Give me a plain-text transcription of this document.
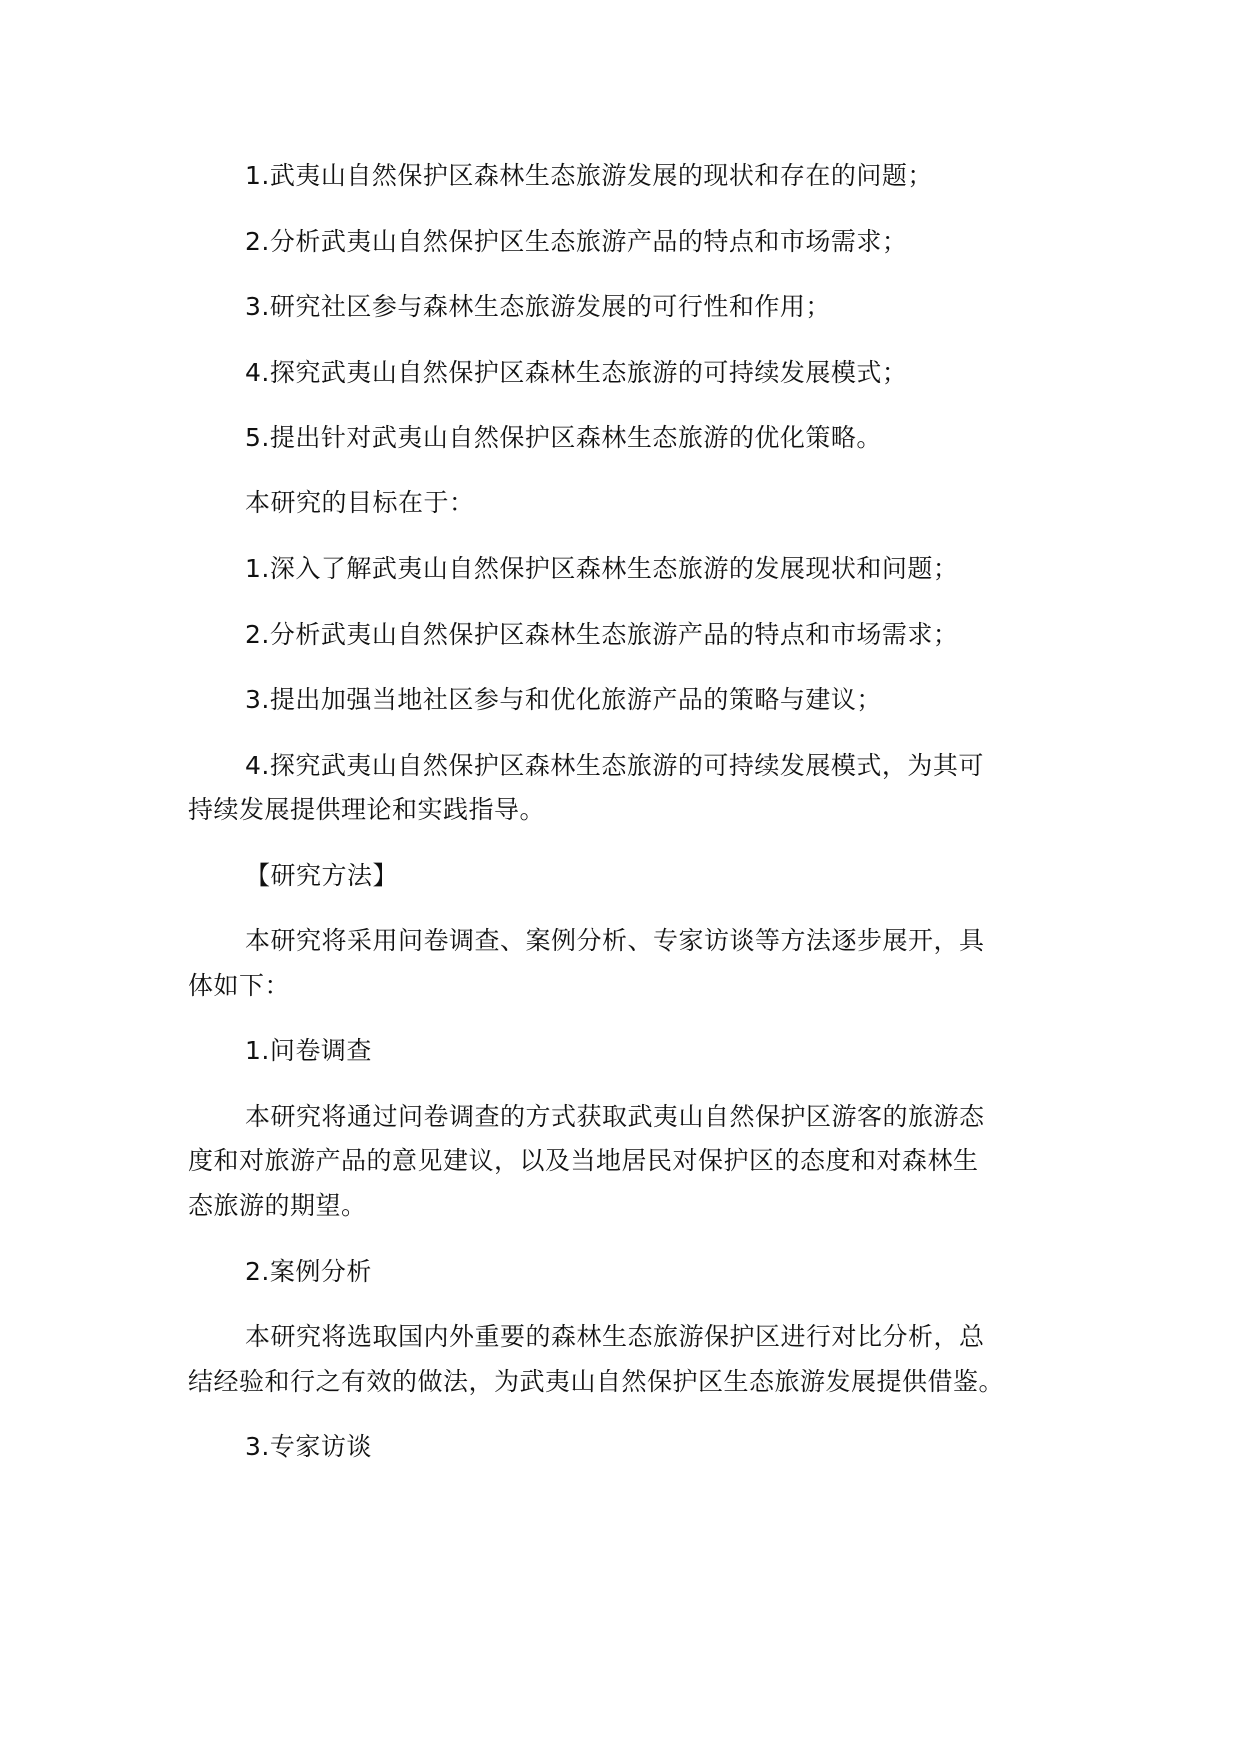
1.武夷山自然保护区森林生态旅游发展的现状和存在的问题；
2.分析武夷山自然保护区生态旅游产品的特点和市场需求；
3.研究社区参与森林生态旅游发展的可行性和作用；
4.探究武夷山自然保护区森林生态旅游的可持续发展模式；
5.提出针对武夷山自然保护区森林生态旅游的优化策略。
本研究的目标在于：
1.深入了解武夷山自然保护区森林生态旅游的发展现状和问题；
2.分析武夷山自然保护区森林生态旅游产品的特点和市场需求；
3.提出加强当地社区参与和优化旅游产品的策略与建议；
4.探究武夷山自然保护区森林生态旅游的可持续发展模式，为其可
持续发展提供理论和实践指导。
【研究方法】
本研究将采用问卷调查、案例分析、专家访谈等方法逐步展开，具
体如下：
1.问卷调查
本研究将通过问卷调查的方式获取武夷山自然保护区游客的旅游态
度和对旅游产品的意见建议，以及当地居民对保护区的态度和对森林生
态旅游的期望。
2.案例分析
本研究将选取国内外重要的森林生态旅游保护区进行对比分析，总
结经验和行之有效的做法，为武夷山自然保护区生态旅游发展提供借鉴。
3.专家访谈
